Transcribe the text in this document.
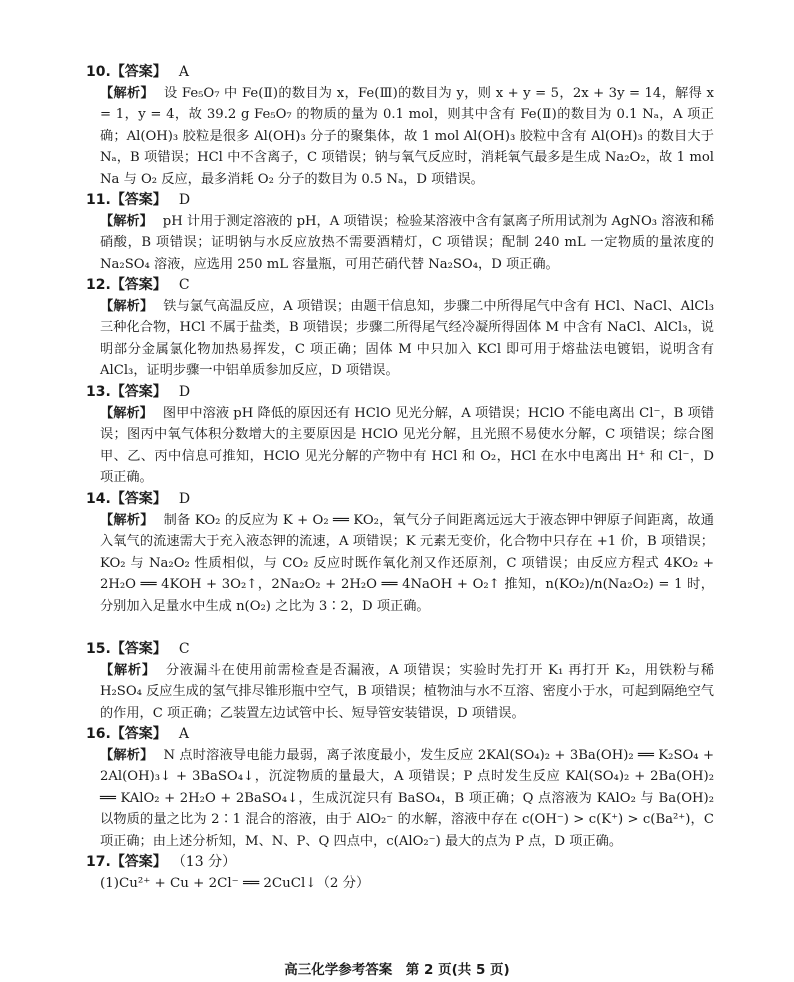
10.【答案】 A

【解析】 设 Fe₅O₇ 中 Fe(Ⅱ)的数目为 x，Fe(Ⅲ)的数目为 y，则 x + y = 5，2x + 3y = 14，解得 x = 1，y = 4，故 39.2 g Fe₅O₇ 的物质的量为 0.1 mol，则其中含有 Fe(Ⅱ)的数目为 0.1 Nₐ，A 项正确；Al(OH)₃ 胶粒是很多 Al(OH)₃ 分子的聚集体，故 1 mol Al(OH)₃ 胶粒中含有 Al(OH)₃ 的数目大于 Nₐ，B 项错误；HCl 中不含离子，C 项错误；钠与氧气反应时，消耗氧气最多是生成 Na₂O₂，故 1 mol Na 与 O₂ 反应，最多消耗 O₂ 分子的数目为 0.5 Nₐ，D 项错误。

11.【答案】 D

【解析】 pH 计用于测定溶液的 pH，A 项错误；检验某溶液中含有氯离子所用试剂为 AgNO₃ 溶液和稀硝酸，B 项错误；证明钠与水反应放热不需要酒精灯，C 项错误；配制 240 mL 一定物质的量浓度的 Na₂SO₄ 溶液，应选用 250 mL 容量瓶，可用芒硝代替 Na₂SO₄，D 项正确。

12.【答案】 C

【解析】 铁与氯气高温反应，A 项错误；由题干信息知，步骤二中所得尾气中含有 HCl、NaCl、AlCl₃ 三种化合物，HCl 不属于盐类，B 项错误；步骤二所得尾气经冷凝所得固体 M 中含有 NaCl、AlCl₃，说明部分金属氯化物加热易挥发，C 项正确；固体 M 中只加入 KCl 即可用于熔盐法电镀铝，说明含有 AlCl₃，证明步骤一中铝单质参加反应，D 项错误。

13.【答案】 D

【解析】 图甲中溶液 pH 降低的原因还有 HClO 见光分解，A 项错误；HClO 不能电离出 Cl⁻，B 项错误；图丙中氧气体积分数增大的主要原因是 HClO 见光分解，且光照不易使水分解，C 项错误；综合图甲、乙、丙中信息可推知，HClO 见光分解的产物中有 HCl 和 O₂，HCl 在水中电离出 H⁺ 和 Cl⁻，D 项正确。

14.【答案】 D

【解析】 制备 KO₂ 的反应为 K + O₂ ══ KO₂，氧气分子间距离远远大于液态钾中钾原子间距离，故通入氧气的流速需大于充入液态钾的流速，A 项错误；K 元素无变价，化合物中只存在 +1 价，B 项错误；KO₂ 与 Na₂O₂ 性质相似，与 CO₂ 反应时既作氧化剂又作还原剂，C 项错误；由反应方程式 4KO₂ + 2H₂O ══ 4KOH + 3O₂↑，2Na₂O₂ + 2H₂O ══ 4NaOH + O₂↑ 推知，n(KO₂)/n(Na₂O₂) = 1 时，分别加入足量水中生成 n(O₂) 之比为 3∶2，D 项正确。

15.【答案】 C

【解析】 分液漏斗在使用前需检查是否漏液，A 项错误；实验时先打开 K₁ 再打开 K₂，用铁粉与稀 H₂SO₄ 反应生成的氢气排尽锥形瓶中空气，B 项错误；植物油与水不互溶、密度小于水，可起到隔绝空气的作用，C 项正确；乙装置左边试管中长、短导管安装错误，D 项错误。

16.【答案】 A

【解析】 N 点时溶液导电能力最弱，离子浓度最小，发生反应 2KAl(SO₄)₂ + 3Ba(OH)₂ ══ K₂SO₄ + 2Al(OH)₃↓ + 3BaSO₄↓，沉淀物质的量最大，A 项错误；P 点时发生反应 KAl(SO₄)₂ + 2Ba(OH)₂ ══ KAlO₂ + 2H₂O + 2BaSO₄↓，生成沉淀只有 BaSO₄，B 项正确；Q 点溶液为 KAlO₂ 与 Ba(OH)₂ 以物质的量之比为 2∶1 混合的溶液，由于 AlO₂⁻ 的水解，溶液中存在 c(OH⁻) > c(K⁺) > c(Ba²⁺)，C 项正确；由上述分析知，M、N、P、Q 四点中，c(AlO₂⁻) 最大的点为 P 点，D 项正确。

17.【答案】 （13 分）
(1)Cu²⁺ + Cu + 2Cl⁻ ══ 2CuCl↓（2 分）
高三化学参考答案　第 2 页(共 5 页)
